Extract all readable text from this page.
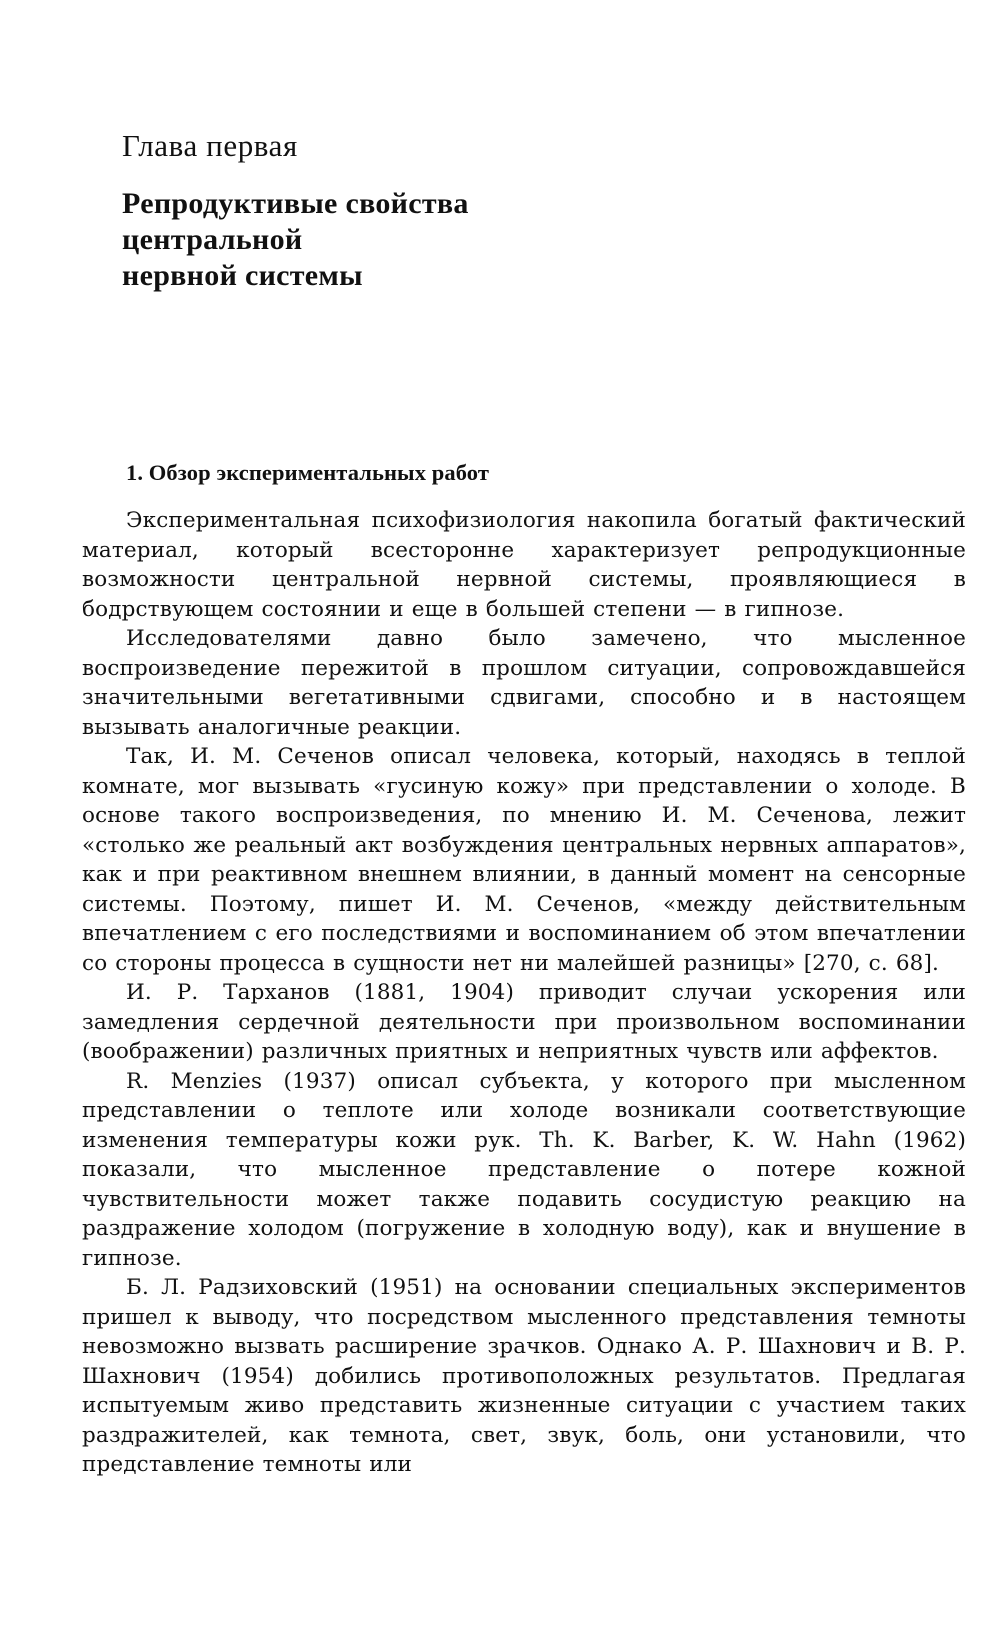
Глава первая
Репродуктивые свойства
центральной
нервной системы
1. Обзор экспериментальных работ

Экспериментальная психофизиология накопила богатый фактический материал, который всесторонне характеризует репродукционные возможности центральной нервной системы, проявляющиеся в бодрствующем состоянии и еще в большей степени — в гипнозе.

Исследователями давно было замечено, что мысленное воспроизведение пережитой в прошлом ситуации, сопровождавшейся значительными вегетативными сдвигами, способно и в настоящем вызывать аналогичные реакции.

Так, И. М. Сеченов описал человека, который, находясь в теплой комнате, мог вызывать «гусиную кожу» при представлении о холоде. В основе такого воспроизведения, по мнению И. М. Сеченова, лежит «столько же реальный акт возбуждения центральных нервных аппаратов», как и при реактивном внешнем влиянии, в данный момент на сенсорные системы. Поэтому, пишет И. М. Сеченов, «между действительным впечатлением с его последствиями и воспоминанием об этом впечатлении со стороны процесса в сущности нет ни малейшей разницы» [270, с. 68].

И. Р. Тарханов (1881, 1904) приводит случаи ускорения или замедления сердечной деятельности при произвольном воспоминании (воображении) различных приятных и неприятных чувств или аффектов.

R. Menzies (1937) описал субъекта, у которого при мысленном представлении о теплоте или холоде возникали соответствующие изменения температуры кожи рук. Th. K. Barber, K. W. Hahn (1962) показали, что мысленное представление о потере кожной чувствительности может также подавить сосудистую реакцию на раздражение холодом (погружение в холодную воду), как и внушение в гипнозе.

Б. Л. Радзиховский (1951) на основании специальных экспериментов пришел к выводу, что посредством мысленного представления темноты невозможно вызвать расширение зрачков. Однако А. Р. Шахнович и В. Р. Шахнович (1954) добились противоположных результатов. Предлагая испытуемым живо представить жизненные ситуации с участием таких раздражителей, как темнота, свет, звук, боль, они установили, что представление темноты или
